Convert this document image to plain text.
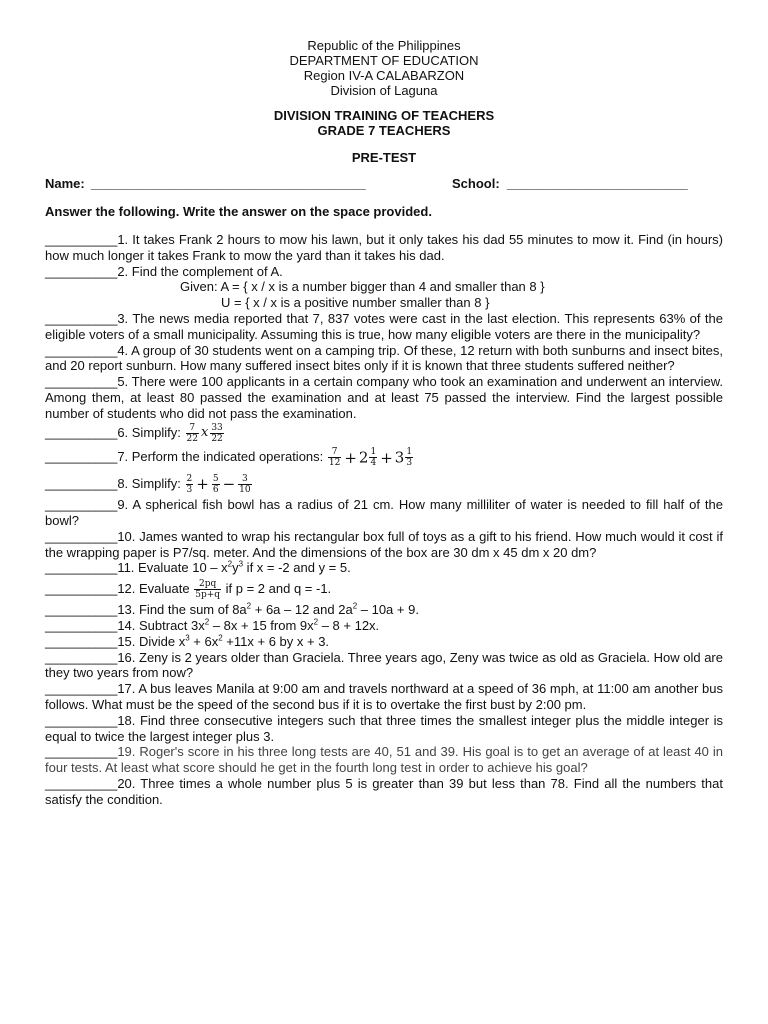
Republic of the Philippines
DEPARTMENT OF EDUCATION
Region IV-A CALABARZON
Division of Laguna
DIVISION TRAINING OF TEACHERS
GRADE 7 TEACHERS
PRE-TEST
Name: ______________________________________	School: _________________________
Answer the following. Write the answer on the space provided.

__________1. It takes Frank 2 hours to mow his lawn, but it only takes his dad 55 minutes to mow it. Find (in hours) how much longer it takes Frank to mow the yard than it takes his dad.

__________2. Find the complement of A.

Given: A = { x / x is a number bigger than 4 and smaller than 8 }

U = { x / x is a positive number smaller than 8 }

__________3. The news media reported that 7, 837 votes were cast in the last election. This represents 63% of the eligible voters of a small municipality. Assuming this is true, how many eligible voters are there in the municipality?

__________4. A group of 30 students went on a camping trip. Of these, 12 return with both sunburns and insect bites, and 20 report sunburn. How many suffered insect bites only if it is known that three students suffered neither?

__________5. There were 100 applicants in a certain company who took an examination and underwent an interview. Among them, at least 80 passed the examination and at least 75 passed the interview. Find the largest possible number of students who did not pass the examination.

__________6. Simplify: $\frac{7}{22}$ x $\frac{33}{22}$

__________7. Perform the indicated operations: $\frac{7}{12} + 2 \frac{1}{4} + 3 \frac{1}{3}$

__________8. Simplify: $\frac{2}{3} + \frac{5}{6} - \frac{3}{10}$

__________9. A spherical fish bowl has a radius of 21 cm. How many milliliter of water is needed to fill half of the bowl?

__________10. James wanted to wrap his rectangular box full of toys as a gift to his friend. How much would it cost if the wrapping paper is P7/sq. meter. And the dimensions of the box are 30 dm x 45 dm x 20 dm?

__________11. Evaluate $10 - x^2y^3$ if x = -2 and y = 5.

__________12. Evaluate $\frac{2pq}{5p+q}$ if p = 2 and q = -1.

__________13. Find the sum of $8a^2 + 6a - 12$ and $2a^2 - 10a + 9$.

__________14. Subtract $3x^2 - 8x + 15$ from $9x^2 - 8 + 12x$.

__________15. Divide $x^3 + 6x^2 +11x + 6$ by x + 3.

__________16. Zeny is 2 years older than Graciela. Three years ago, Zeny was twice as old as Graciela. How old are they two years from now?

__________17. A bus leaves Manila at 9:00 am and travels northward at a speed of 36 mph, at 11:00 am another bus follows. What must be the speed of the second bus if it is to overtake the first bust by 2:00 pm.

__________18. Find three consecutive integers such that three times the smallest integer plus the middle integer is equal to twice the largest integer plus 3.

__________19. Roger's score in his three long tests are 40, 51 and 39. His goal is to get an average of at least 40 in four tests. At least what score should he get in the fourth long test in order to achieve his goal?

__________20. Three times a whole number plus 5 is greater than 39 but less than 78. Find all the numbers that satisfy the condition.
